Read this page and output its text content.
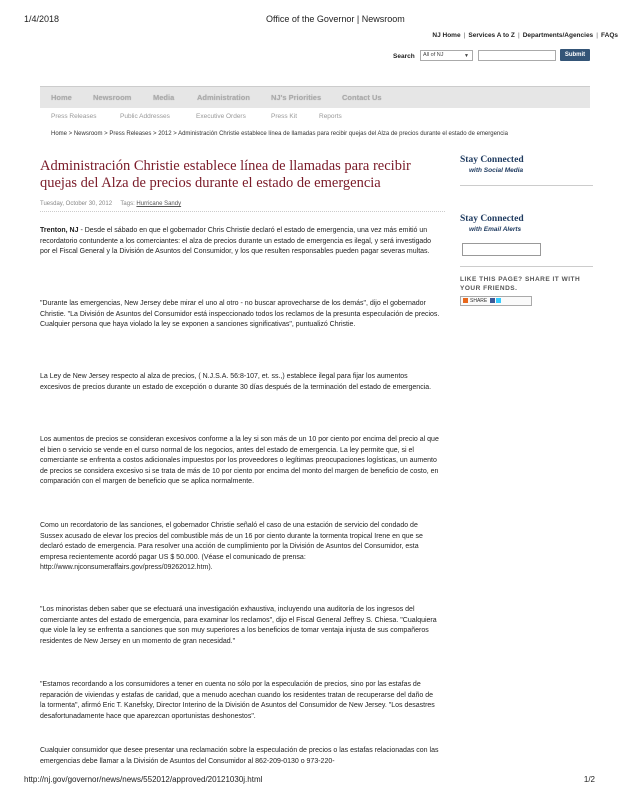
1/4/2018	Office of the Governor | Newsroom
NJ Home | Services A to Z | Departments/Agencies | FAQs
Search	All of NJ	▼	Submit
Home	Newsroom	Media	Administration	NJ's Priorities	Contact Us
Press Releases	Public Addresses	Executive Orders	Press Kit	Reports
Home > Newsroom > Press Releases > 2012 > Administración Christie establece línea de llamadas para recibir quejas del Alza de precios durante el estado de emergencia
Administración Christie establece línea de llamadas para recibir quejas del Alza de precios durante el estado de emergencia
Tuesday, October 30, 2012 Tags: Hurricane Sandy
Trenton, NJ - Desde el sábado en que el gobernador Chris Christie declaró el estado de emergencia, una vez más emitió un recordatorio contundente a los comerciantes: el alza de precios durante un estado de emergencia es ilegal, y será investigado por el Fiscal General y la División de Asuntos del Consumidor, y los que resulten responsables pueden pagar severas multas.
"Durante las emergencias, New Jersey debe mirar el uno al otro - no buscar aprovecharse de los demás", dijo el gobernador Christie. "La División de Asuntos del Consumidor está inspeccionado todos los reclamos de la presunta especulación de precios. Cualquier persona que haya violado la ley se exponen a sanciones significativas", puntualizó Christie.
La Ley de New Jersey respecto al alza de precios, ( N.J.S.A. 56:8-107, et. ss.,) establece ilegal para fijar los aumentos excesivos de precios durante un estado de excepción o durante 30 días después de la terminación del estado de emergencia.
Los aumentos de precios se consideran excesivos conforme a la ley si son más de un 10 por ciento por encima del precio al que el bien o servicio se vende en el curso normal de los negocios, antes del estado de emergencia. La ley permite que, si el comerciante se enfrenta a costos adicionales impuestos por los proveedores o legítimas preocupaciones logísticas, un aumento de precios se considera excesivo si se trata de más de 10 por ciento por encima del monto del margen de beneficio de costo, en comparación con el margen de beneficio que se aplica normalmente.
Como un recordatorio de las sanciones, el gobernador Christie señaló el caso de una estación de servicio del condado de Sussex acusado de elevar los precios del combustible más de un 16 por ciento durante la tormenta tropical Irene en que se declaró estado de emergencia. Para resolver una acción de cumplimiento por la División de Asuntos del Consumidor, esta empresa recientemente acordó pagar US $ 50.000. (Véase el comunicado de prensa: http://www.njconsumeraffairs.gov/press/09262012.htm).
"Los minoristas deben saber que se efectuará una investigación exhaustiva, incluyendo una auditoría de los ingresos del comerciante antes del estado de emergencia, para examinar los reclamos", dijo el Fiscal General Jeffrey S. Chiesa. "Cualquiera que viole la ley se enfrenta a sanciones que son muy superiores a los beneficios de tomar ventaja injusta de sus compañeros residentes de New Jersey en un momento de gran necesidad."
"Estamos recordando a los consumidores a tener en cuenta no sólo por la especulación de precios, sino por las estafas de reparación de viviendas y estafas de caridad, que a menudo acechan cuando los residentes tratan de recuperarse del daño de la tormenta", afirmó Eric T. Kanefsky, Director Interino de la División de Asuntos del Consumidor de New Jersey. "Los desastres desafortunadamente hace que aparezcan oportunistas deshonestos".
Cualquier consumidor que desee presentar una reclamación sobre la especulación de precios o las estafas relacionadas con las emergencias debe llamar a la División de Asuntos del Consumidor al 862-209-0130 o 973-220-
Stay Connected
with Social Media
Stay Connected
with Email Alerts
LIKE THIS PAGE? SHARE IT WITH YOUR FRIENDS.
SHARE
http://nj.gov/governor/news/news/552012/approved/20121030j.html	1/2
